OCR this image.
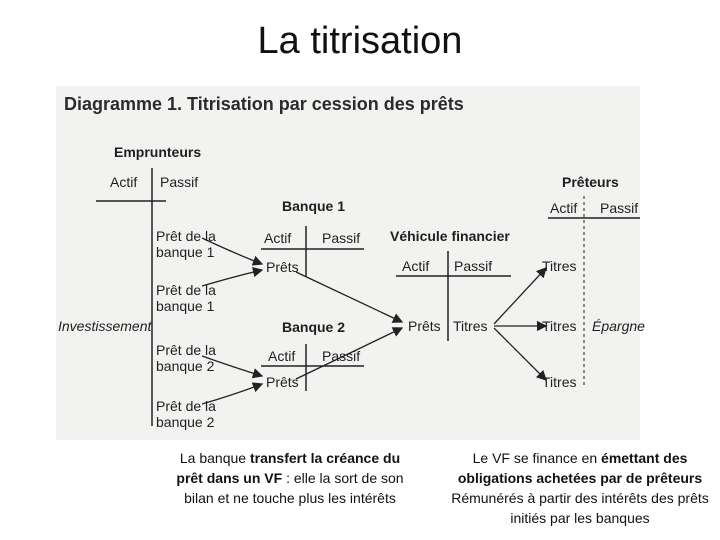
La titrisation
Diagramme 1. Titrisation par cession des prêts
Emprunteurs
Actif Passif
Prêt de la banque 1
Prêt de la banque 1
Prêt de la banque 2
Prêt de la banque 2
Investissement
Banque 1
Actif Passif
Prêts
Banque 2
Actif Passif
Prêts
Véhicule financier
Actif Passif
Prêts Titres
Prêteurs
Actif Passif
Titres
Titres
Titres
Épargne
La banque transfert la créance du prêt dans un VF : elle la sort de son bilan et ne touche plus les intérêts
Le VF se finance en émettant des obligations achetées par de prêteurs Rémunérés à partir des intérêts des prêts initiés par les banques
